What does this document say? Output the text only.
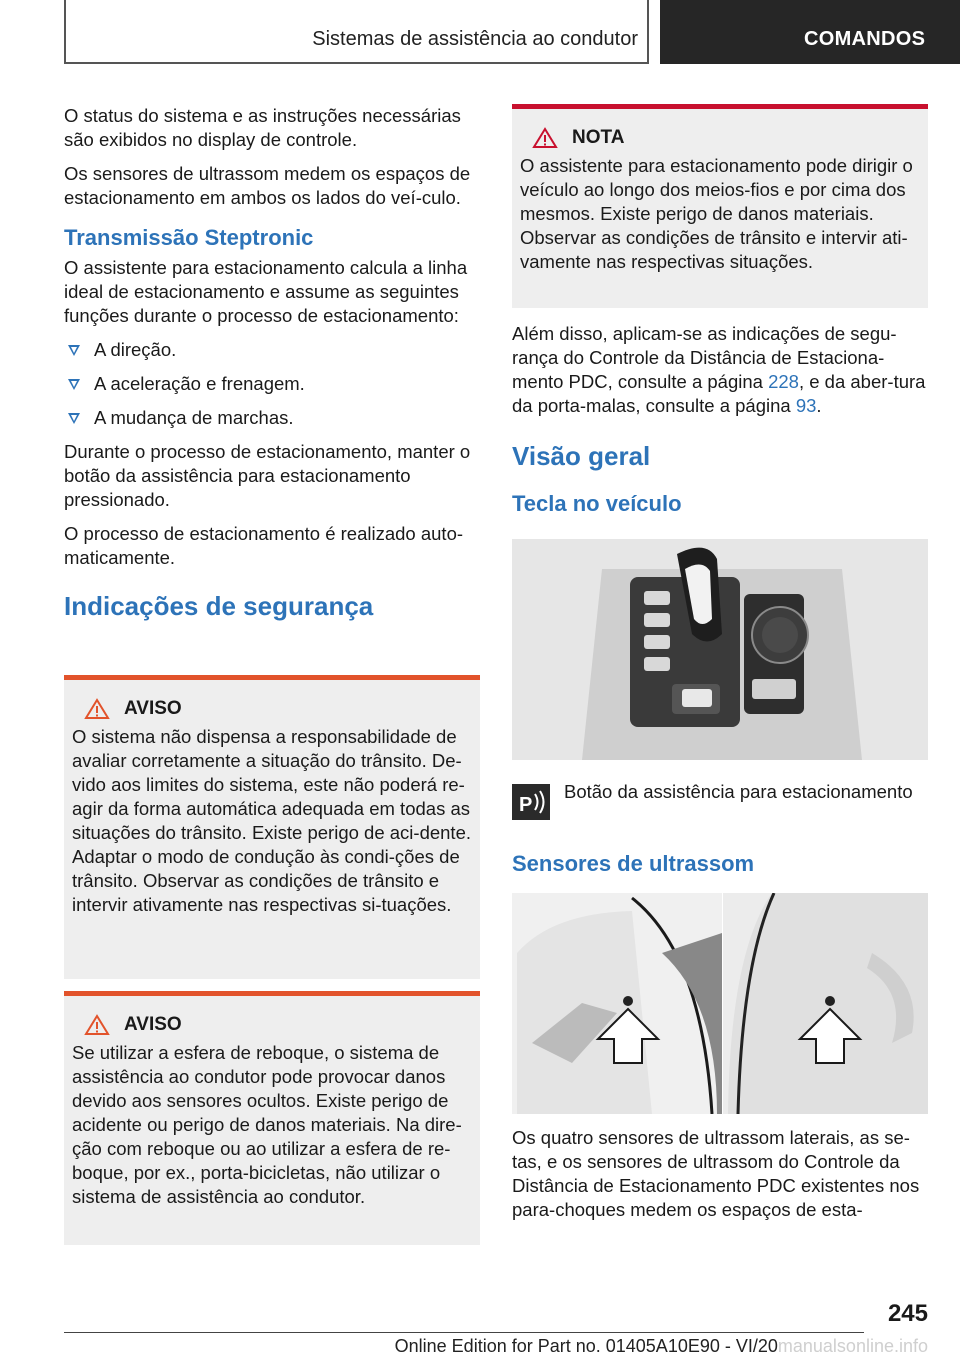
Sistemas de assistência ao condutor	COMANDOS

O status do sistema e as instruções necessárias são exibidos no display de controle.

Os sensores de ultrassom medem os espaços de estacionamento em ambos os lados do veí-culo.

Transmissão Steptronic

O assistente para estacionamento calcula a linha ideal de estacionamento e assume as seguintes funções durante o processo de estacionamento:

A direção.
A aceleração e frenagem.
A mudança de marchas.

Durante o processo de estacionamento, manter o botão da assistência para estacionamento pressionado.

O processo de estacionamento é realizado auto-maticamente.

Indicações de segurança
AVISO
O sistema não dispensa a responsabilidade de avaliar corretamente a situação do trânsito. De-vido aos limites do sistema, este não poderá re-agir da forma automática adequada em todas as situações do trânsito. Existe perigo de aci-dente. Adaptar o modo de condução às condi-ções de trânsito. Observar as condições de trânsito e intervir ativamente nas respectivas si-tuações.
AVISO
Se utilizar a esfera de reboque, o sistema de assistência ao condutor pode provocar danos devido aos sensores ocultos. Existe perigo de acidente ou perigo de danos materiais. Na dire-ção com reboque ou ao utilizar a esfera de re-boque, por ex., porta-bicicletas, não utilizar o sistema de assistência ao condutor.
NOTA
O assistente para estacionamento pode dirigir o veículo ao longo dos meios-fios e por cima dos mesmos. Existe perigo de danos materiais. Observar as condições de trânsito e intervir ati-vamente nas respectivas situações.

Além disso, aplicam-se as indicações de segu-rança do Controle da Distância de Estaciona-mento PDC, consulte a página 228, e da aber-tura da porta-malas, consulte a página 93.

Visão geral
Tecla no veículo
P
Botão da assistência para estacionamento
Sensores de ultrassom

Os quatro sensores de ultrassom laterais, as se-tas, e os sensores de ultrassom do Controle da Distância de Estacionamento PDC existentes nos para-choques medem os espaços de esta-

245
Online Edition for Part no. 01405A10E90 - VI/20manualsonline.info
